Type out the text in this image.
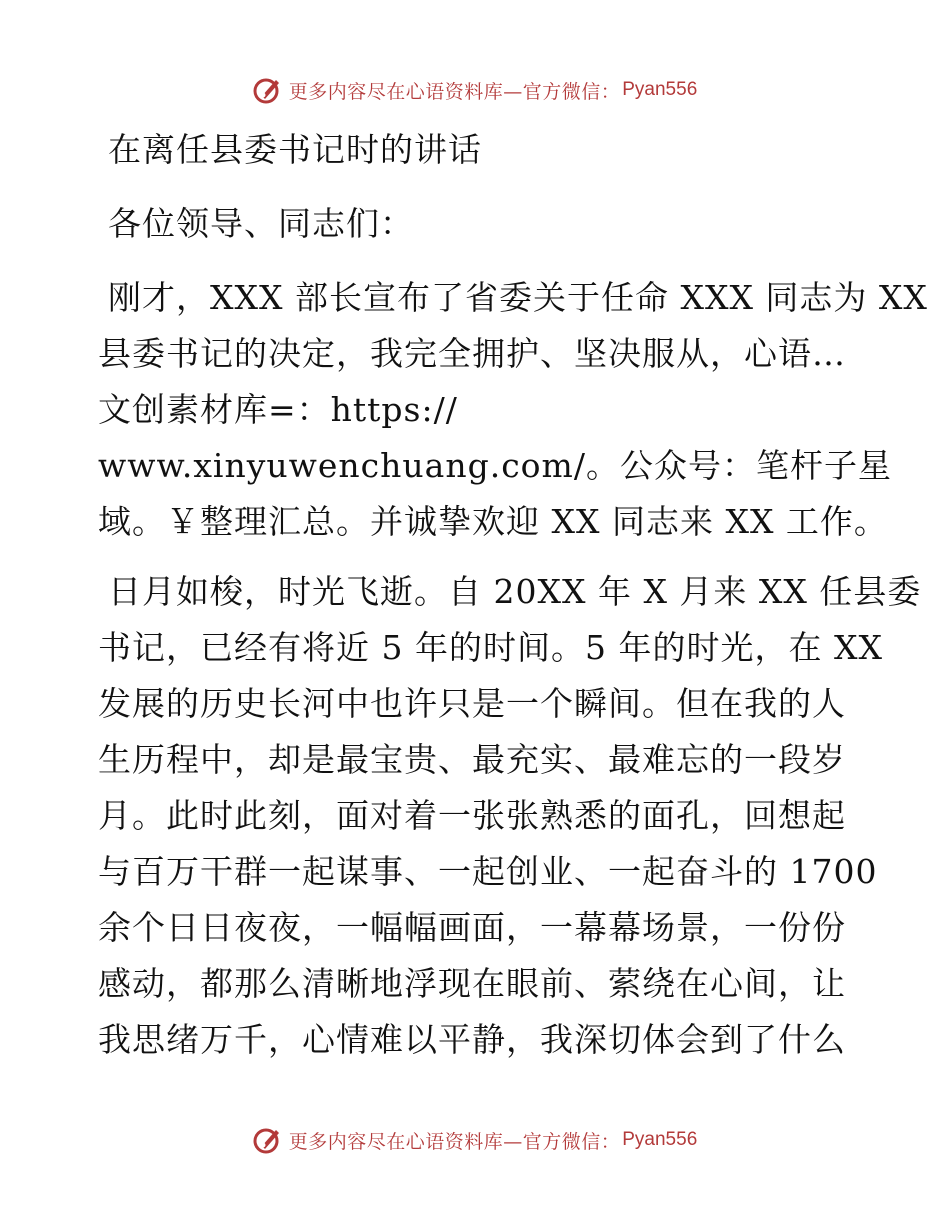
更多内容尽在心语资料库—官方微信： Pyan556
在离任县委书记时的讲话
各位领导、同志们：
刚才，XXX 部长宣布了省委关于任命 XXX 同志为 XX
县委书记的决定，我完全拥护、坚决服从，心语…
文创素材库=：https://
www.xinyuwenchuang.com/。公众号：笔杆子星
域。￥整理汇总。并诚挚欢迎 XX 同志来 XX 工作。
日月如梭，时光飞逝。自 20XX 年 X 月来 XX 任县委
书记，已经有将近 5 年的时间。5 年的时光，在 XX
发展的历史长河中也许只是一个瞬间。但在我的人
生历程中，却是最宝贵、最充实、最难忘的一段岁
月。此时此刻，面对着一张张熟悉的面孔，回想起
与百万干群一起谋事、一起创业、一起奋斗的 1700
余个日日夜夜，一幅幅画面，一幕幕场景，一份份
感动，都那么清晰地浮现在眼前、萦绕在心间，让
我思绪万千，心情难以平静，我深切体会到了什么
更多内容尽在心语资料库—官方微信： Pyan556
